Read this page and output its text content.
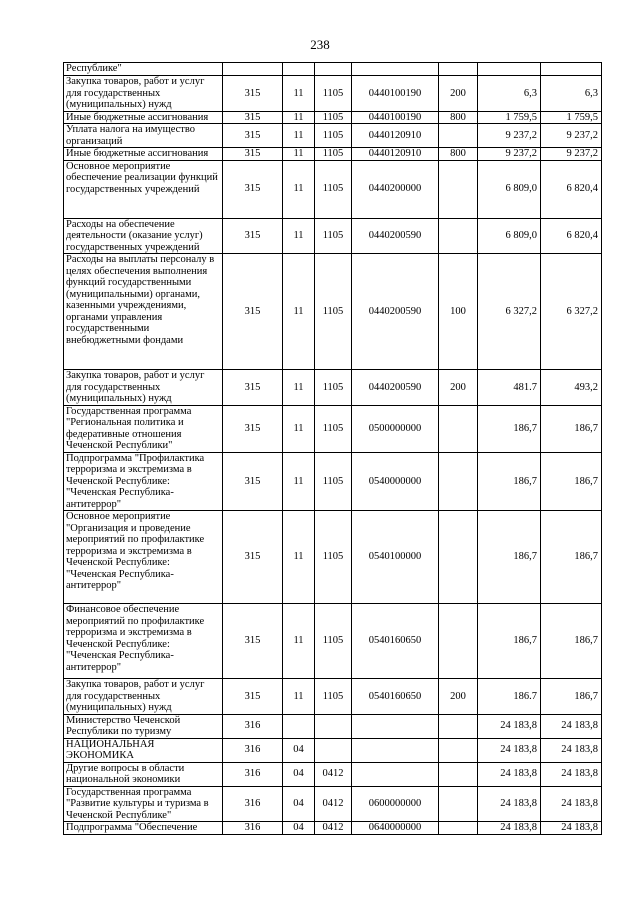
238
Республике"							
Закупка товаров, работ и услуг для государственных (муниципальных) нужд	315	11	1105	0440100190	200	6,3	6,3
Иные бюджетные ассигнования	315	11	1105	0440100190	800	1 759,5	1 759,5
Уплата налога на имущество организаций	315	11	1105	0440120910		9 237,2	9 237,2
Иные бюджетные ассигнования	315	11	1105	0440120910	800	9 237,2	9 237,2
Основное мероприятие обеспечение реализации функций государственных учреждений	315	11	1105	0440200000		6 809,0	6 820,4
Расходы на обеспечение деятельности (оказание услуг) государственных учреждений	315	11	1105	0440200590		6 809,0	6 820,4
Расходы на выплаты персоналу в целях обеспечения выполнения функций государственными (муниципальными) органами, казенными учреждениями, органами управления государственными внебюджетными фондами	315	11	1105	0440200590	100	6 327,2	6 327,2
Закупка товаров, работ и услуг для государственных (муниципальных) нужд	315	11	1105	0440200590	200	481.7	493,2
Государственная программа "Региональная политика и федеративные отношения Чеченской Республики"	315	11	1105	0500000000		186,7	186,7
Подпрограмма "Профилактика терроризма и экстремизма в Чеченской Республике: "Чеченская Республика-антитеррор"	315	11	1105	0540000000		186,7	186,7
Основное мероприятие "Организация и проведение мероприятий по профилактике терроризма и экстремизма в Чеченской Республике: "Чеченская Республика-антитеррор"	315	11	1105	0540100000		186,7	186,7
Финансовое обеспечение мероприятий по профилактике терроризма и экстремизма в Чеченской Республике: "Чеченская Республика-антитеррор"	315	11	1105	0540160650		186,7	186,7
Закупка товаров, работ и услуг для государственных (муниципальных) нужд	315	11	1105	0540160650	200	186.7	186,7
Министерство Чеченской Республики по туризму	316					24 183,8	24 183,8
НАЦИОНАЛЬНАЯ ЭКОНОМИКА	316	04				24 183,8	24 183,8
Другие вопросы в области национальной экономики	316	04	0412			24 183,8	24 183,8
Государственная программа "Развитие культуры и туризма в Чеченской Республике"	316	04	0412	0600000000		24 183,8	24 183,8
Подпрограмма "Обеспечение	316	04	0412	0640000000		24 183,8	24 183,8
